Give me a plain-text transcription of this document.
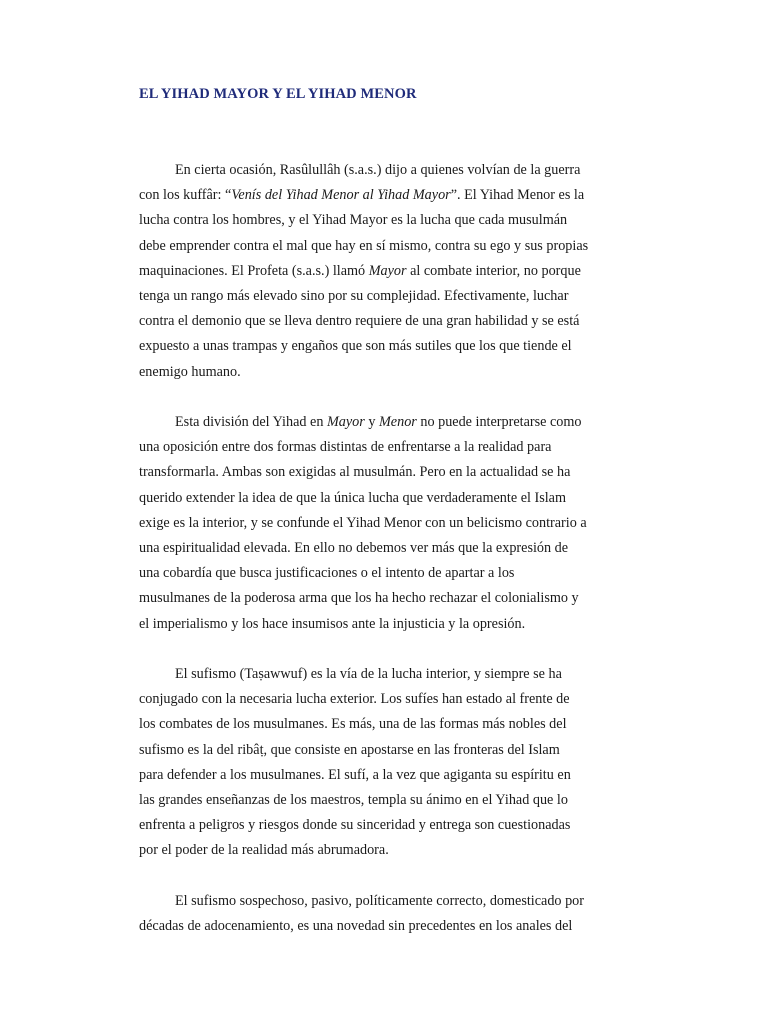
EL YIHAD MAYOR Y EL YIHAD MENOR

En cierta ocasión, Rasûlullâh (s.a.s.) dijo a quienes volvían de la guerra
con los kuffâr: “Venís del Yihad Menor al Yihad Mayor”. El Yihad Menor es la
lucha contra los hombres, y el Yihad Mayor es la lucha que cada musulmán
debe emprender contra el mal que hay en sí mismo, contra su ego y sus propias
maquinaciones. El Profeta (s.a.s.) llamó Mayor al combate interior, no porque
tenga un rango más elevado sino por su complejidad. Efectivamente, luchar
contra el demonio que se lleva dentro requiere de una gran habilidad y se está
expuesto a unas trampas y engaños que son más sutiles que los que tiende el
enemigo humano.

Esta división del Yihad en Mayor y Menor no puede interpretarse como
una oposición entre dos formas distintas de enfrentarse a la realidad para
transformarla. Ambas son exigidas al musulmán. Pero en la actualidad se ha
querido extender la idea de que la única lucha que verdaderamente el Islam
exige es la interior, y se confunde el Yihad Menor con un belicismo contrario a
una espiritualidad elevada. En ello no debemos ver más que la expresión de
una cobardía que busca justificaciones o el intento de apartar a los
musulmanes de la poderosa arma que los ha hecho rechazar el colonialismo y
el imperialismo y los hace insumisos ante la injusticia y la opresión.

El sufismo (Taṣawwuf) es la vía de la lucha interior, y siempre se ha
conjugado con la necesaria lucha exterior. Los sufíes han estado al frente de
los combates de los musulmanes. Es más, una de las formas más nobles del
sufismo es la del ribâṭ, que consiste en apostarse en las fronteras del Islam
para defender a los musulmanes. El sufí, a la vez que agiganta su espíritu en
las grandes enseñanzas de los maestros, templa su ánimo en el Yihad que lo
enfrenta a peligros y riesgos donde su sinceridad y entrega son cuestionadas
por el poder de la realidad más abrumadora.

El sufismo sospechoso, pasivo, políticamente correcto, domesticado por
décadas de adocenamiento, es una novedad sin precedentes en los anales del
